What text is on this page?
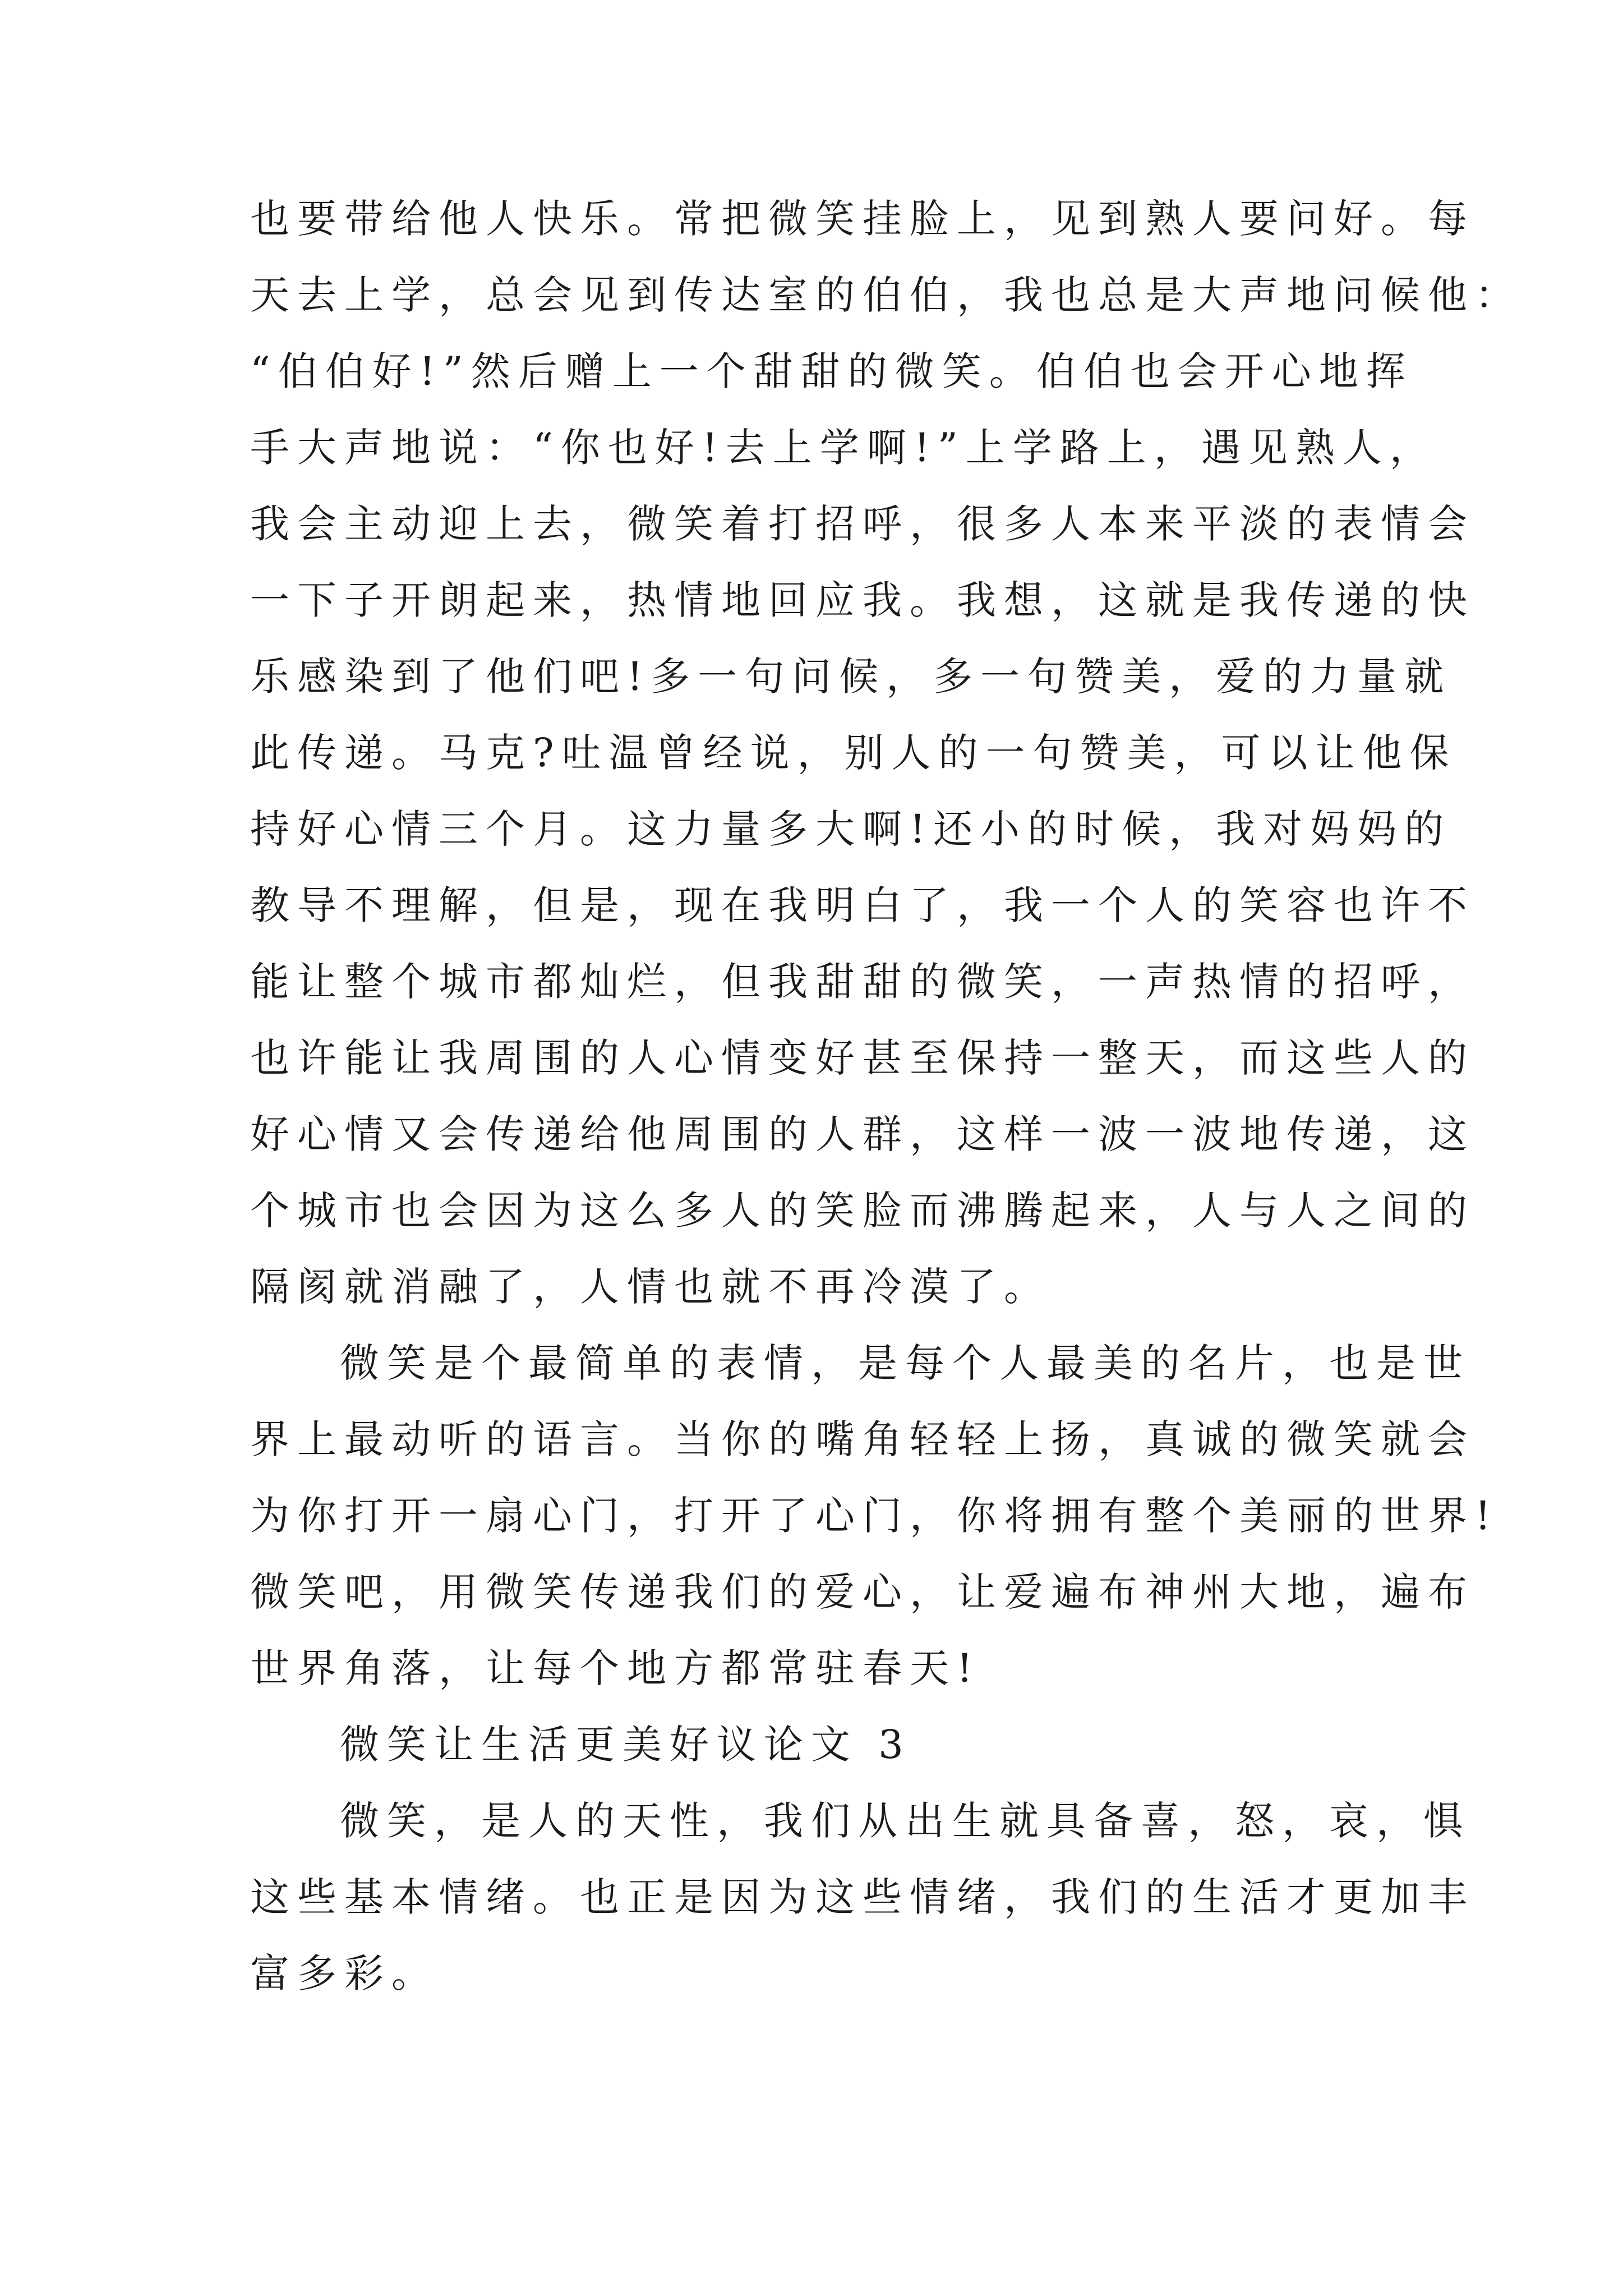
也要带给他人快乐。常把微笑挂脸上，见到熟人要问好。每
天去上学，总会见到传达室的伯伯，我也总是大声地问候他：
“伯伯好!”然后赠上一个甜甜的微笑。伯伯也会开心地挥
手大声地说：“你也好!去上学啊!”上学路上，遇见熟人，
我会主动迎上去，微笑着打招呼，很多人本来平淡的表情会
一下子开朗起来，热情地回应我。我想，这就是我传递的快
乐感染到了他们吧!多一句问候，多一句赞美，爱的力量就
此传递。马克?吐温曾经说，别人的一句赞美，可以让他保
持好心情三个月。这力量多大啊!还小的时候，我对妈妈的
教导不理解，但是，现在我明白了，我一个人的笑容也许不
能让整个城市都灿烂，但我甜甜的微笑，一声热情的招呼，
也许能让我周围的人心情变好甚至保持一整天，而这些人的
好心情又会传递给他周围的人群，这样一波一波地传递，这
个城市也会因为这么多人的笑脸而沸腾起来，人与人之间的
隔阂就消融了，人情也就不再冷漠了。
微笑是个最简单的表情，是每个人最美的名片，也是世
界上最动听的语言。当你的嘴角轻轻上扬，真诚的微笑就会
为你打开一扇心门，打开了心门，你将拥有整个美丽的世界!
微笑吧，用微笑传递我们的爱心，让爱遍布神州大地，遍布
世界角落，让每个地方都常驻春天!
微笑让生活更美好议论文 3
微笑，是人的天性，我们从出生就具备喜，怒，哀，惧
这些基本情绪。也正是因为这些情绪，我们的生活才更加丰
富多彩。
